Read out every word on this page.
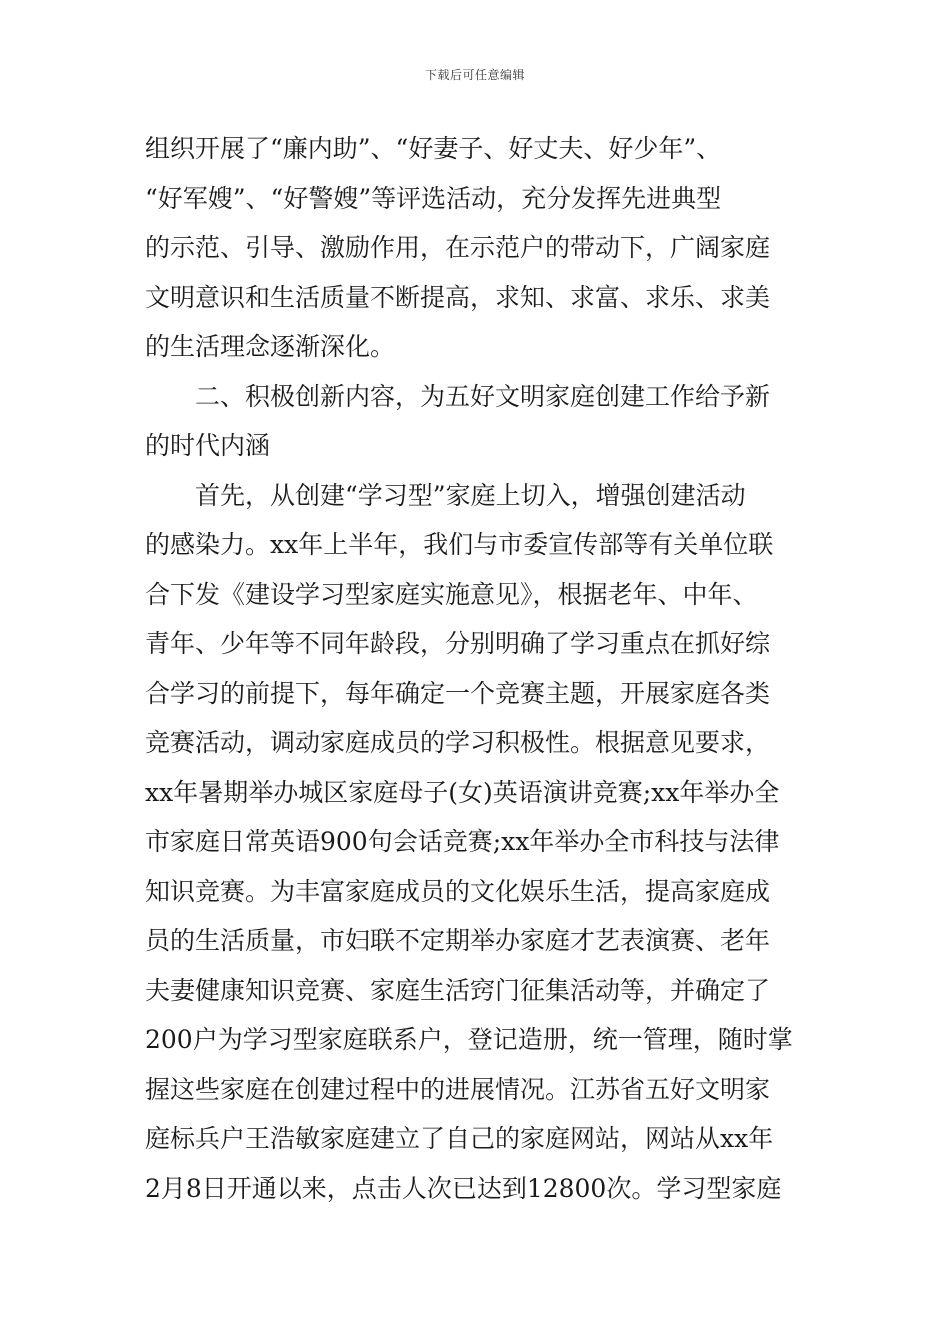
下载后可任意编辑
组织开展了“廉内助”、“好妻子、好丈夫、好少年”、
“好军嫂”、“好警嫂”等评选活动，充分发挥先进典型
的示范、引导、激励作用，在示范户的带动下，广阔家庭
文明意识和生活质量不断提高，求知、求富、求乐、求美
的生活理念逐渐深化。
　　二、积极创新内容，为五好文明家庭创建工作给予新
的时代内涵
　　首先，从创建“学习型”家庭上切入，增强创建活动
的感染力。xx年上半年，我们与市委宣传部等有关单位联
合下发《建设学习型家庭实施意见》，根据老年、中年、
青年、少年等不同年龄段，分别明确了学习重点在抓好综
合学习的前提下，每年确定一个竞赛主题，开展家庭各类
竞赛活动，调动家庭成员的学习积极性。根据意见要求，
xx年暑期举办城区家庭母子(女)英语演讲竞赛;xx年举办全
市家庭日常英语900句会话竞赛;xx年举办全市科技与法律
知识竞赛。为丰富家庭成员的文化娱乐生活，提高家庭成
员的生活质量，市妇联不定期举办家庭才艺表演赛、老年
夫妻健康知识竞赛、家庭生活窍门征集活动等，并确定了
200户为学习型家庭联系户，登记造册，统一管理，随时掌
握这些家庭在创建过程中的进展情况。江苏省五好文明家
庭标兵户王浩敏家庭建立了自己的家庭网站，网站从xx年
2月8日开通以来，点击人次已达到12800次。学习型家庭
